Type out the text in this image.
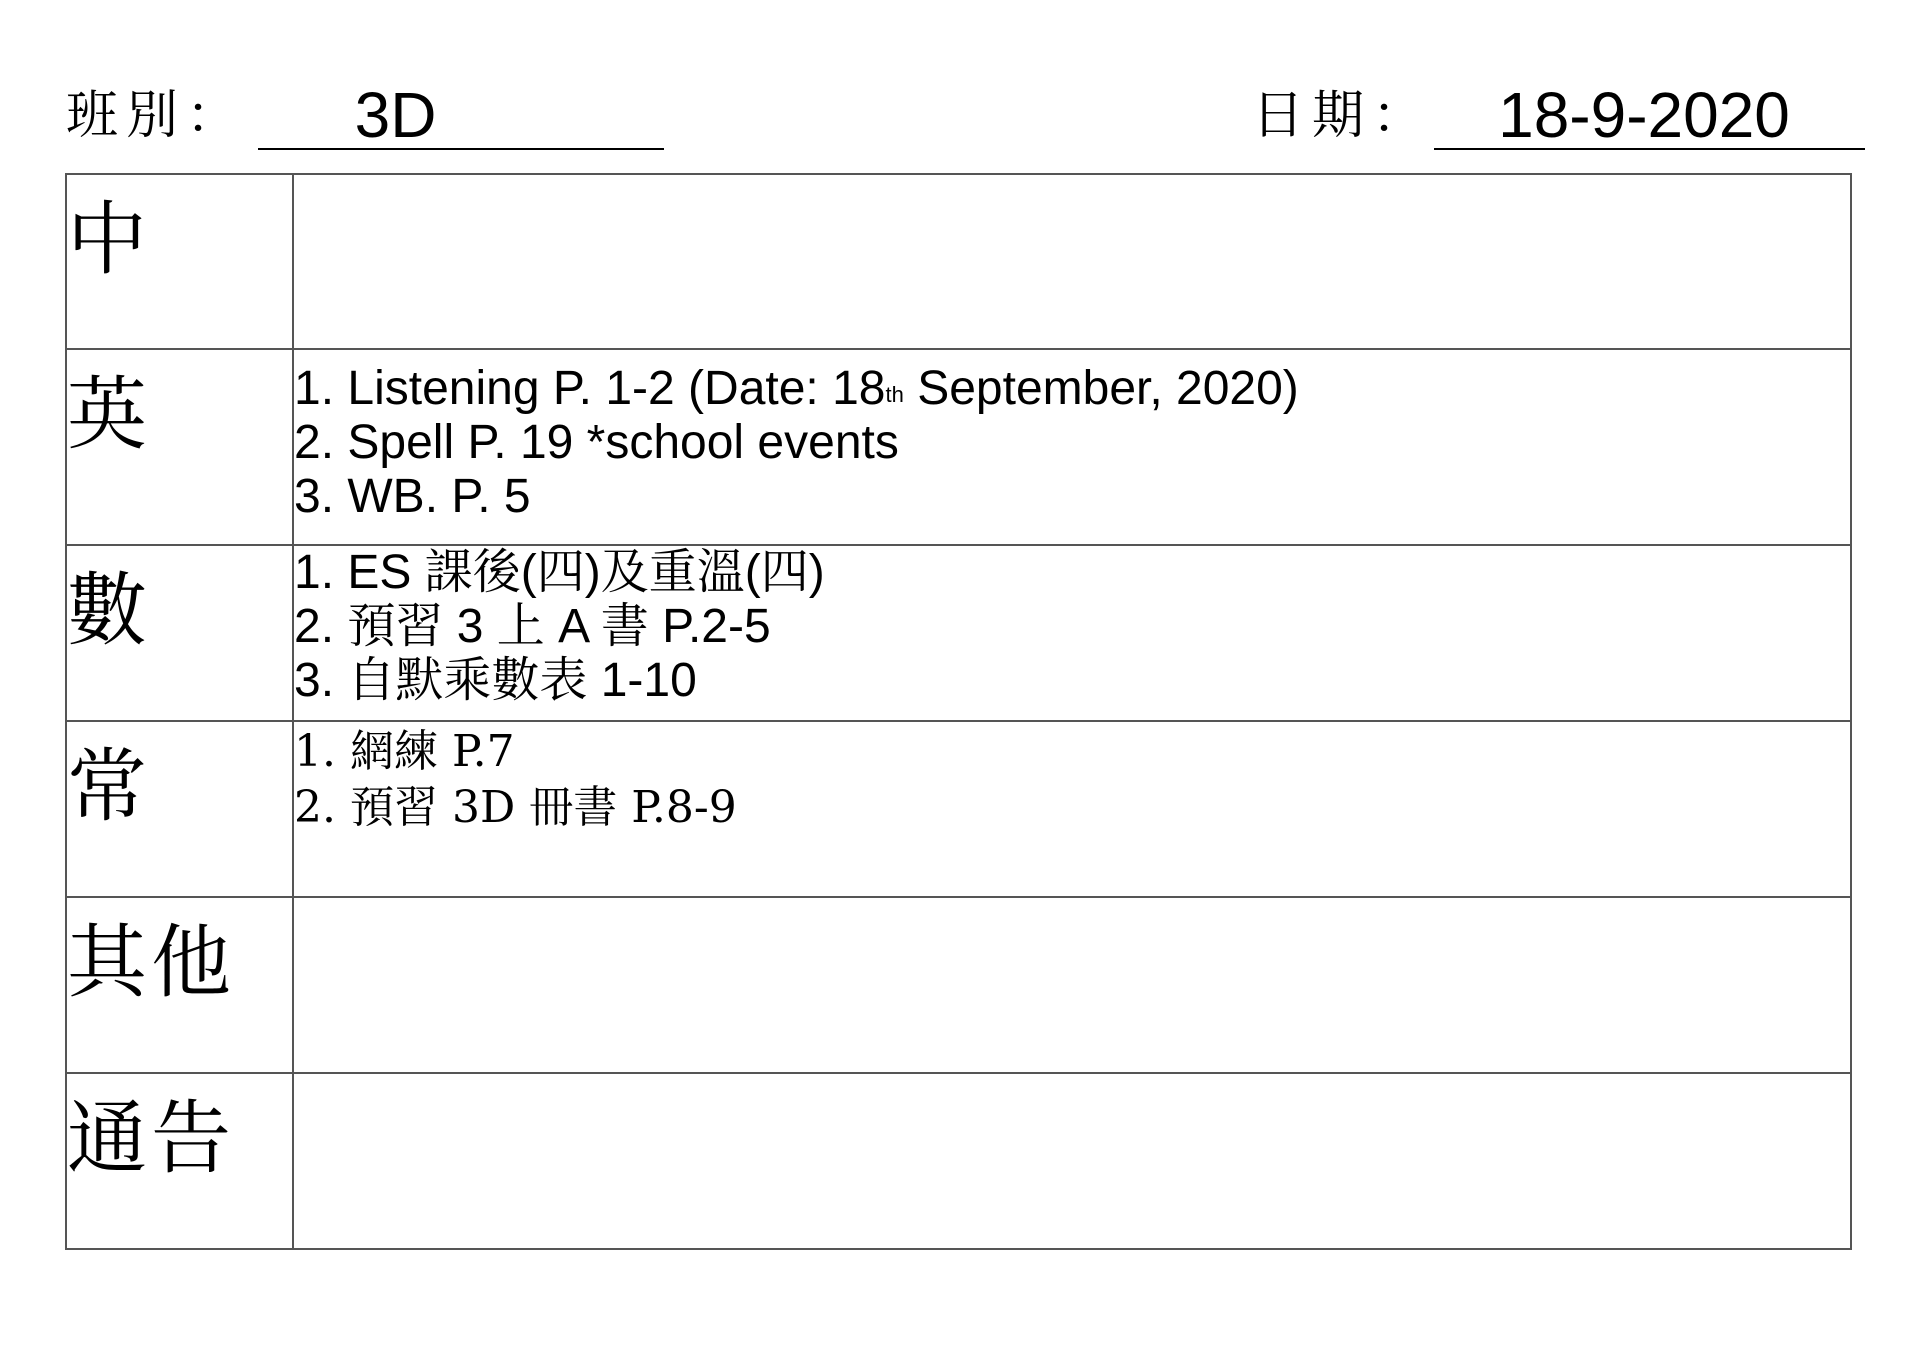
班別：	3D	日期：	18-9-2020
中	
英	1. Listening P. 1-2 (Date: 18th September, 2020)
2. Spell P. 19 *school events
3. WB. P. 5

數	1. ES 課後(四)及重溫(四)
2. 預習 3 上 A 書 P.2-5
3. 自默乘數表 1-10

常	1. 網練 P.7
2. 預習 3D 冊書 P.8-9

其他	
通告	
